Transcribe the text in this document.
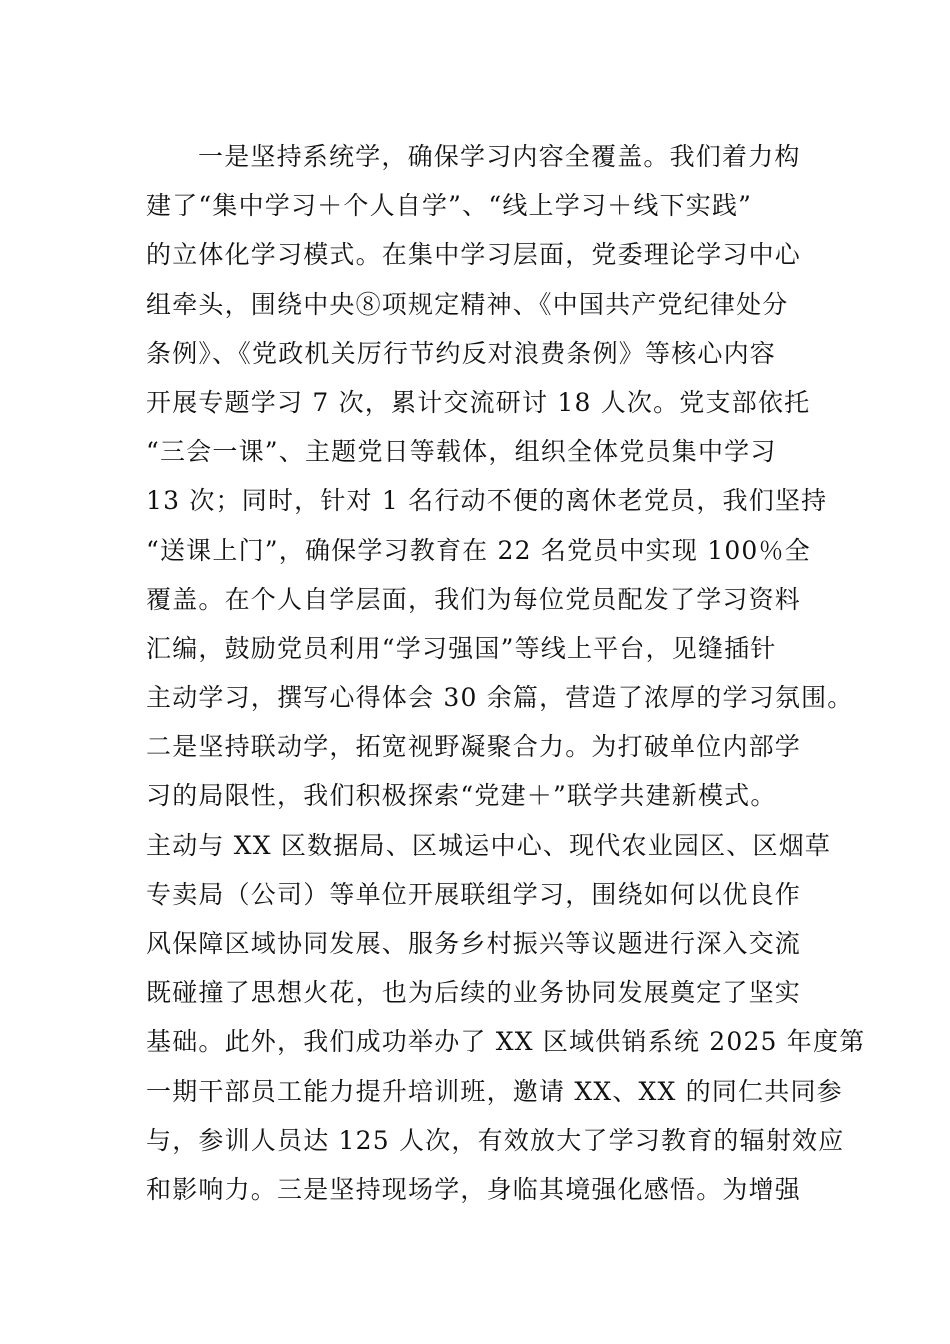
一是坚持系统学，确保学习内容全覆盖。我们着力构
建了“集中学习＋个人自学”、“线上学习＋线下实践”
的立体化学习模式。在集中学习层面，党委理论学习中心
组牵头，围绕中央⑧项规定精神、《中国共产党纪律处分
条例》、《党政机关厉行节约反对浪费条例》等核心内容
开展专题学习 7 次，累计交流研讨 18 人次。党支部依托
“三会一课”、主题党日等载体，组织全体党员集中学习
13 次；同时，针对 1 名行动不便的离休老党员，我们坚持
“送课上门”，确保学习教育在 22 名党员中实现 100％全
覆盖。在个人自学层面，我们为每位党员配发了学习资料
汇编，鼓励党员利用“学习强国”等线上平台，见缝插针
主动学习，撰写心得体会 30 余篇，营造了浓厚的学习氛围。
二是坚持联动学，拓宽视野凝聚合力。为打破单位内部学
习的局限性，我们积极探索“党建＋”联学共建新模式。
主动与 XX 区数据局、区城运中心、现代农业园区、区烟草
专卖局（公司）等单位开展联组学习，围绕如何以优良作
风保障区域协同发展、服务乡村振兴等议题进行深入交流
既碰撞了思想火花，也为后续的业务协同发展奠定了坚实
基础。此外，我们成功举办了 XX 区域供销系统 2025 年度第
一期干部员工能力提升培训班，邀请 XX、XX 的同仁共同参
与，参训人员达 125 人次，有效放大了学习教育的辐射效应
和影响力。三是坚持现场学，身临其境强化感悟。为增强
